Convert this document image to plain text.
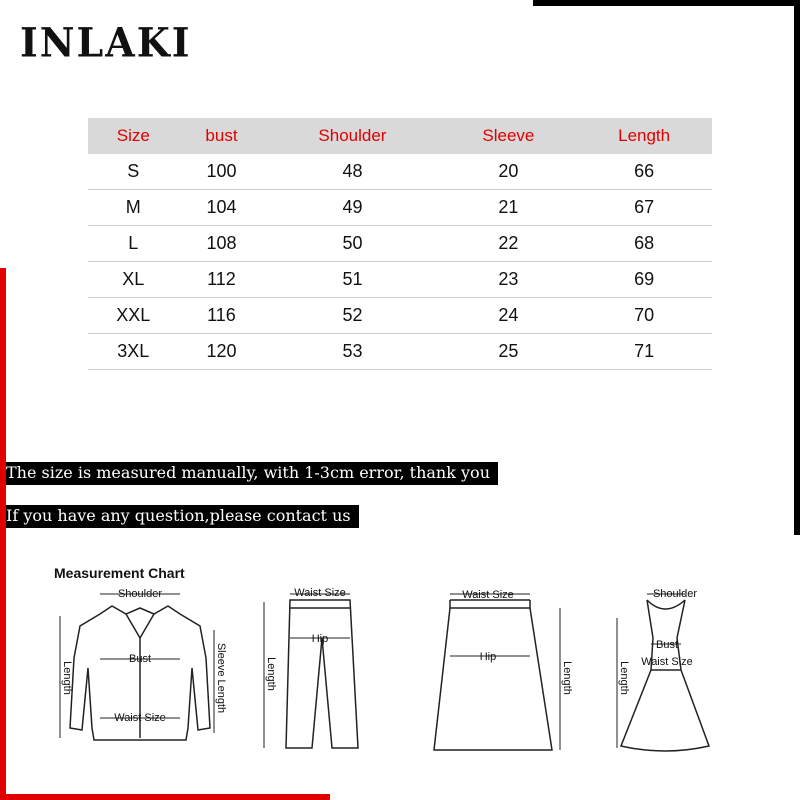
INLAKI
Size	bust	Shoulder	Sleeve	Length
S	100	48	20	66
M	104	49	21	67
L	108	50	22	68
XL	112	51	23	69
XXL	116	52	24	70
3XL	120	53	25	71
The size is measured manually, with 1-3cm error, thank you
If you have any question,please contact us
Measurement Chart
Shoulder
Bust
Waist Size
Length	Sleeve Length
Waist Size
Hip
Length
Waist Size
Hip
Length
Shoulder
Bust
Waist Size
Length
